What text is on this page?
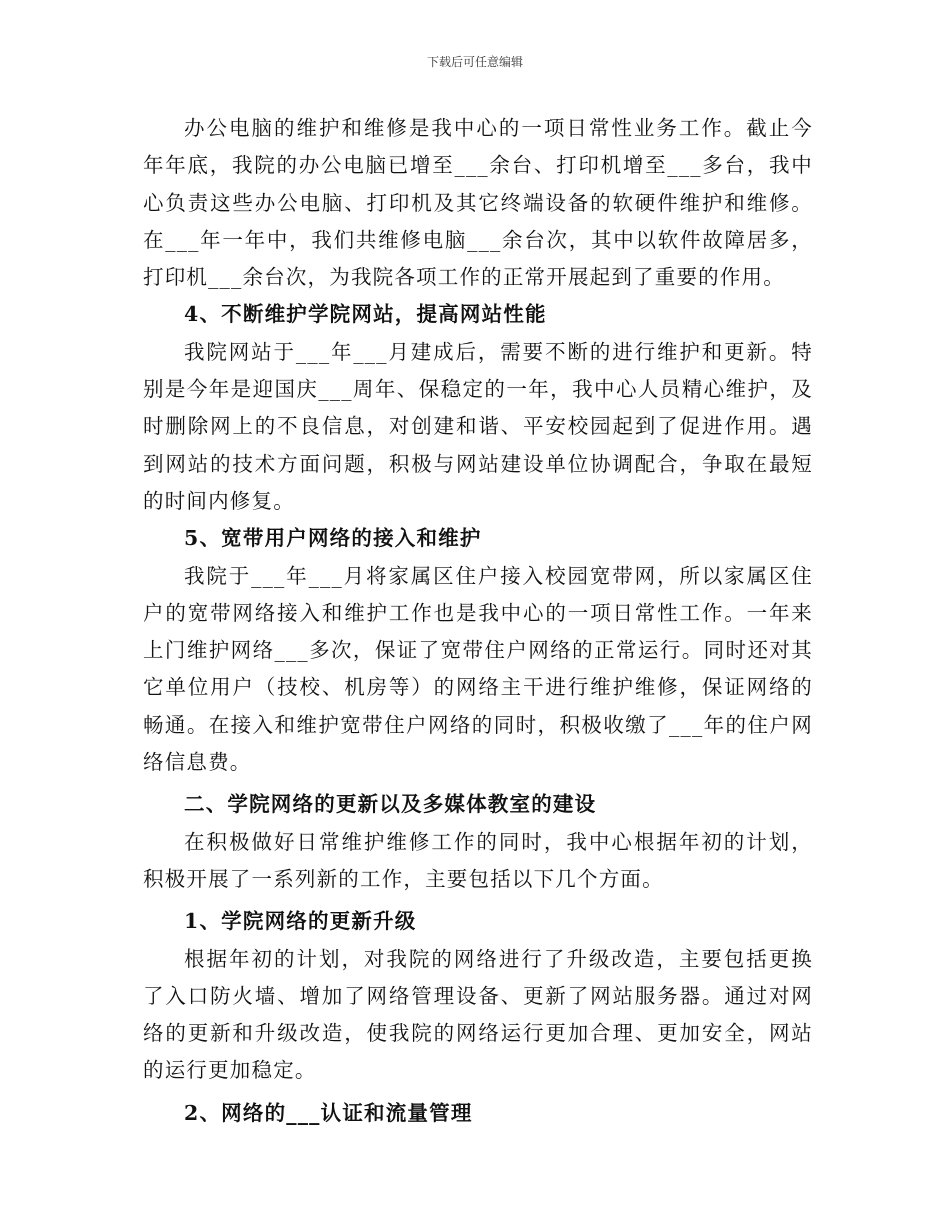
下载后可任意编辑

办公电脑的维护和维修是我中心的一项日常性业务工作。截止今年年底，我院的办公电脑已增至___余台、打印机增至___多台，我中心负责这些办公电脑、打印机及其它终端设备的软硬件维护和维修。在___年一年中，我们共维修电脑___余台次，其中以软件故障居多，打印机___余台次，为我院各项工作的正常开展起到了重要的作用。

4、不断维护学院网站，提高网站性能

我院网站于___年___月建成后，需要不断的进行维护和更新。特别是今年是迎国庆___周年、保稳定的一年，我中心人员精心维护，及时删除网上的不良信息，对创建和谐、平安校园起到了促进作用。遇到网站的技术方面问题，积极与网站建设单位协调配合，争取在最短的时间内修复。

5、宽带用户网络的接入和维护

我院于___年___月将家属区住户接入校园宽带网，所以家属区住户的宽带网络接入和维护工作也是我中心的一项日常性工作。一年来上门维护网络___多次，保证了宽带住户网络的正常运行。同时还对其它单位用户（技校、机房等）的网络主干进行维护维修，保证网络的畅通。在接入和维护宽带住户网络的同时，积极收缴了___年的住户网络信息费。

二、学院网络的更新以及多媒体教室的建设

在积极做好日常维护维修工作的同时，我中心根据年初的计划，积极开展了一系列新的工作，主要包括以下几个方面。

1、学院网络的更新升级

根据年初的计划，对我院的网络进行了升级改造，主要包括更换了入口防火墙、增加了网络管理设备、更新了网站服务器。通过对网络的更新和升级改造，使我院的网络运行更加合理、更加安全，网站的运行更加稳定。

2、网络的___认证和流量管理
